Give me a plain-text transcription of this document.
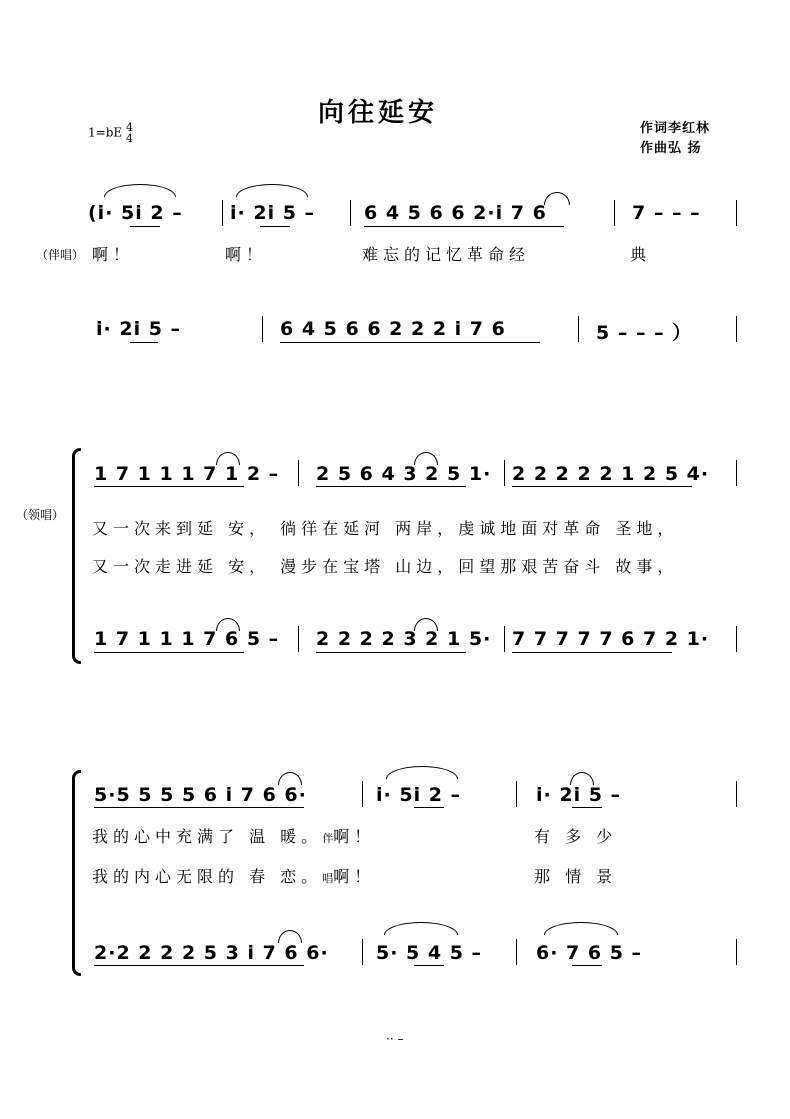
向往延安
1=bE 4
4
作词李红林
作曲弘 扬
(i· 5i 2 – i· 2i 5 –	6 4 5 6 6 2·i 7 6	7 – – –
（伴唱） 啊！	啊！	难忘的记忆革命经	典
i· 2i 5 –	6 4 5 6 6 2 2 2 i 7 6	5 – – – ）
（领唱）
1 7 1 1 1 7 1 2 – 2 5 6 4 3 2 5 1· 2 2 2 2 2 1 2 5 4·
又一次来到延 安， 徜徉在延河 两岸，虔诚地面对革命 圣地，
又一次走进延 安， 漫步在宝塔 山边，回望那艰苦奋斗 故事，
1 7 1 1 1 7 6 5 – 2 2 2 2 3 2 1 5· 7 7 7 7 7 6 7 2 1·
5·5 5 5 5 6 i 7 6 6·	i· 5i 2 –	i· 2i 5 –
我的心中充满了 温 暖。伴啊！	有 多 少
我的内心无限的 春 恋。唱啊！	那 情 景
2·2 2 2 2 5 3 i 7 6 6· 5· 5 4 5 –	6· 7 6 5 –
·· –
